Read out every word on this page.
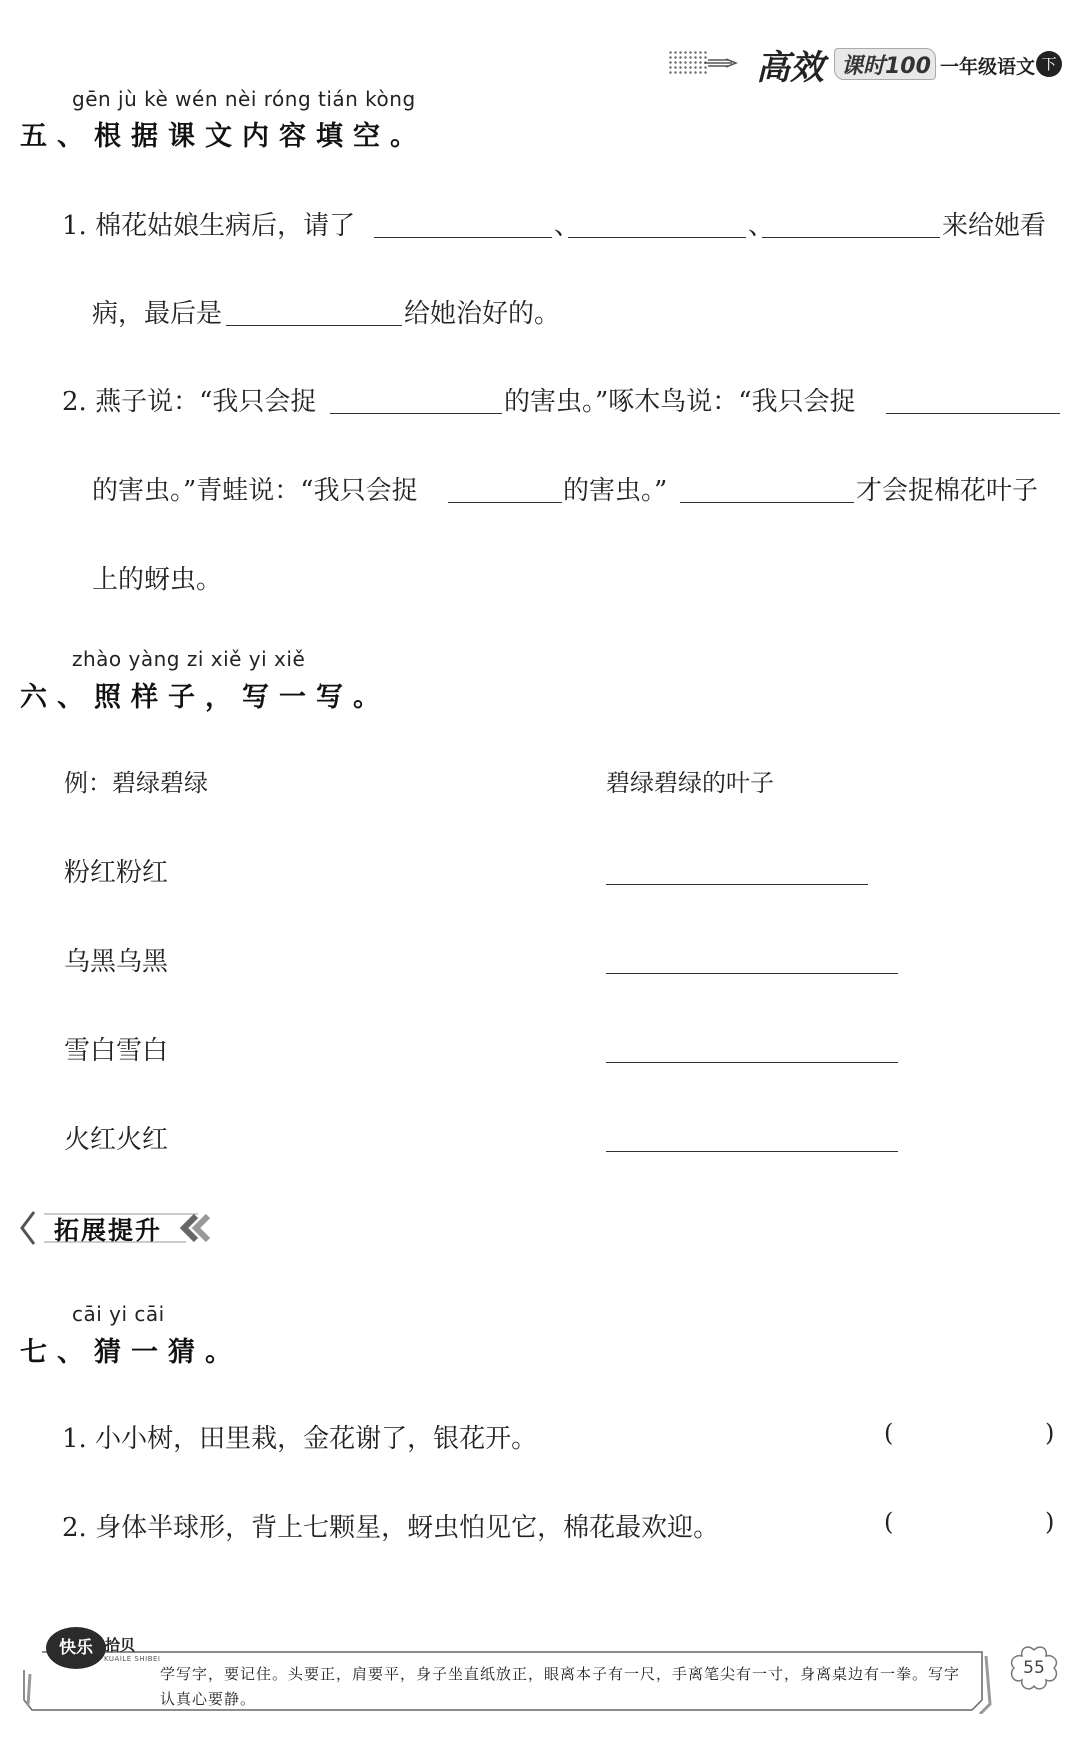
高效 课时100 一年级语文 下
gēn jù kè wén nèi róng tián kòng
五、根据课文内容填空。
1. 棉花姑娘生病后，请了	、	、	来给她看
病，最后是	给她治好的。
2. 燕子说：“我只会捉	的害虫。”啄木鸟说：“我只会捉
的害虫。”青蛙说：“我只会捉	的害虫。”	才会捉棉花叶子
上的蚜虫。
zhào yàng zi xiě yi xiě
六、照样子，写一写。
例：碧绿碧绿	碧绿碧绿的叶子
粉红粉红
乌黑乌黑
雪白雪白
火红火红
拓展提升
cāi yi cāi
七、猜一猜。
1. 小小树，田里栽，金花谢了，银花开。	(	)
2. 身体半球形，背上七颗星，蚜虫怕见它，棉花最欢迎。	(	)
快乐 拾贝
KUAILE SHIBEI
学写字，要记住。头要正，肩要平，身子坐直纸放正，眼离本子有一尺，手离笔尖有一寸，身离桌边有一拳。写字认真心要静。
55
